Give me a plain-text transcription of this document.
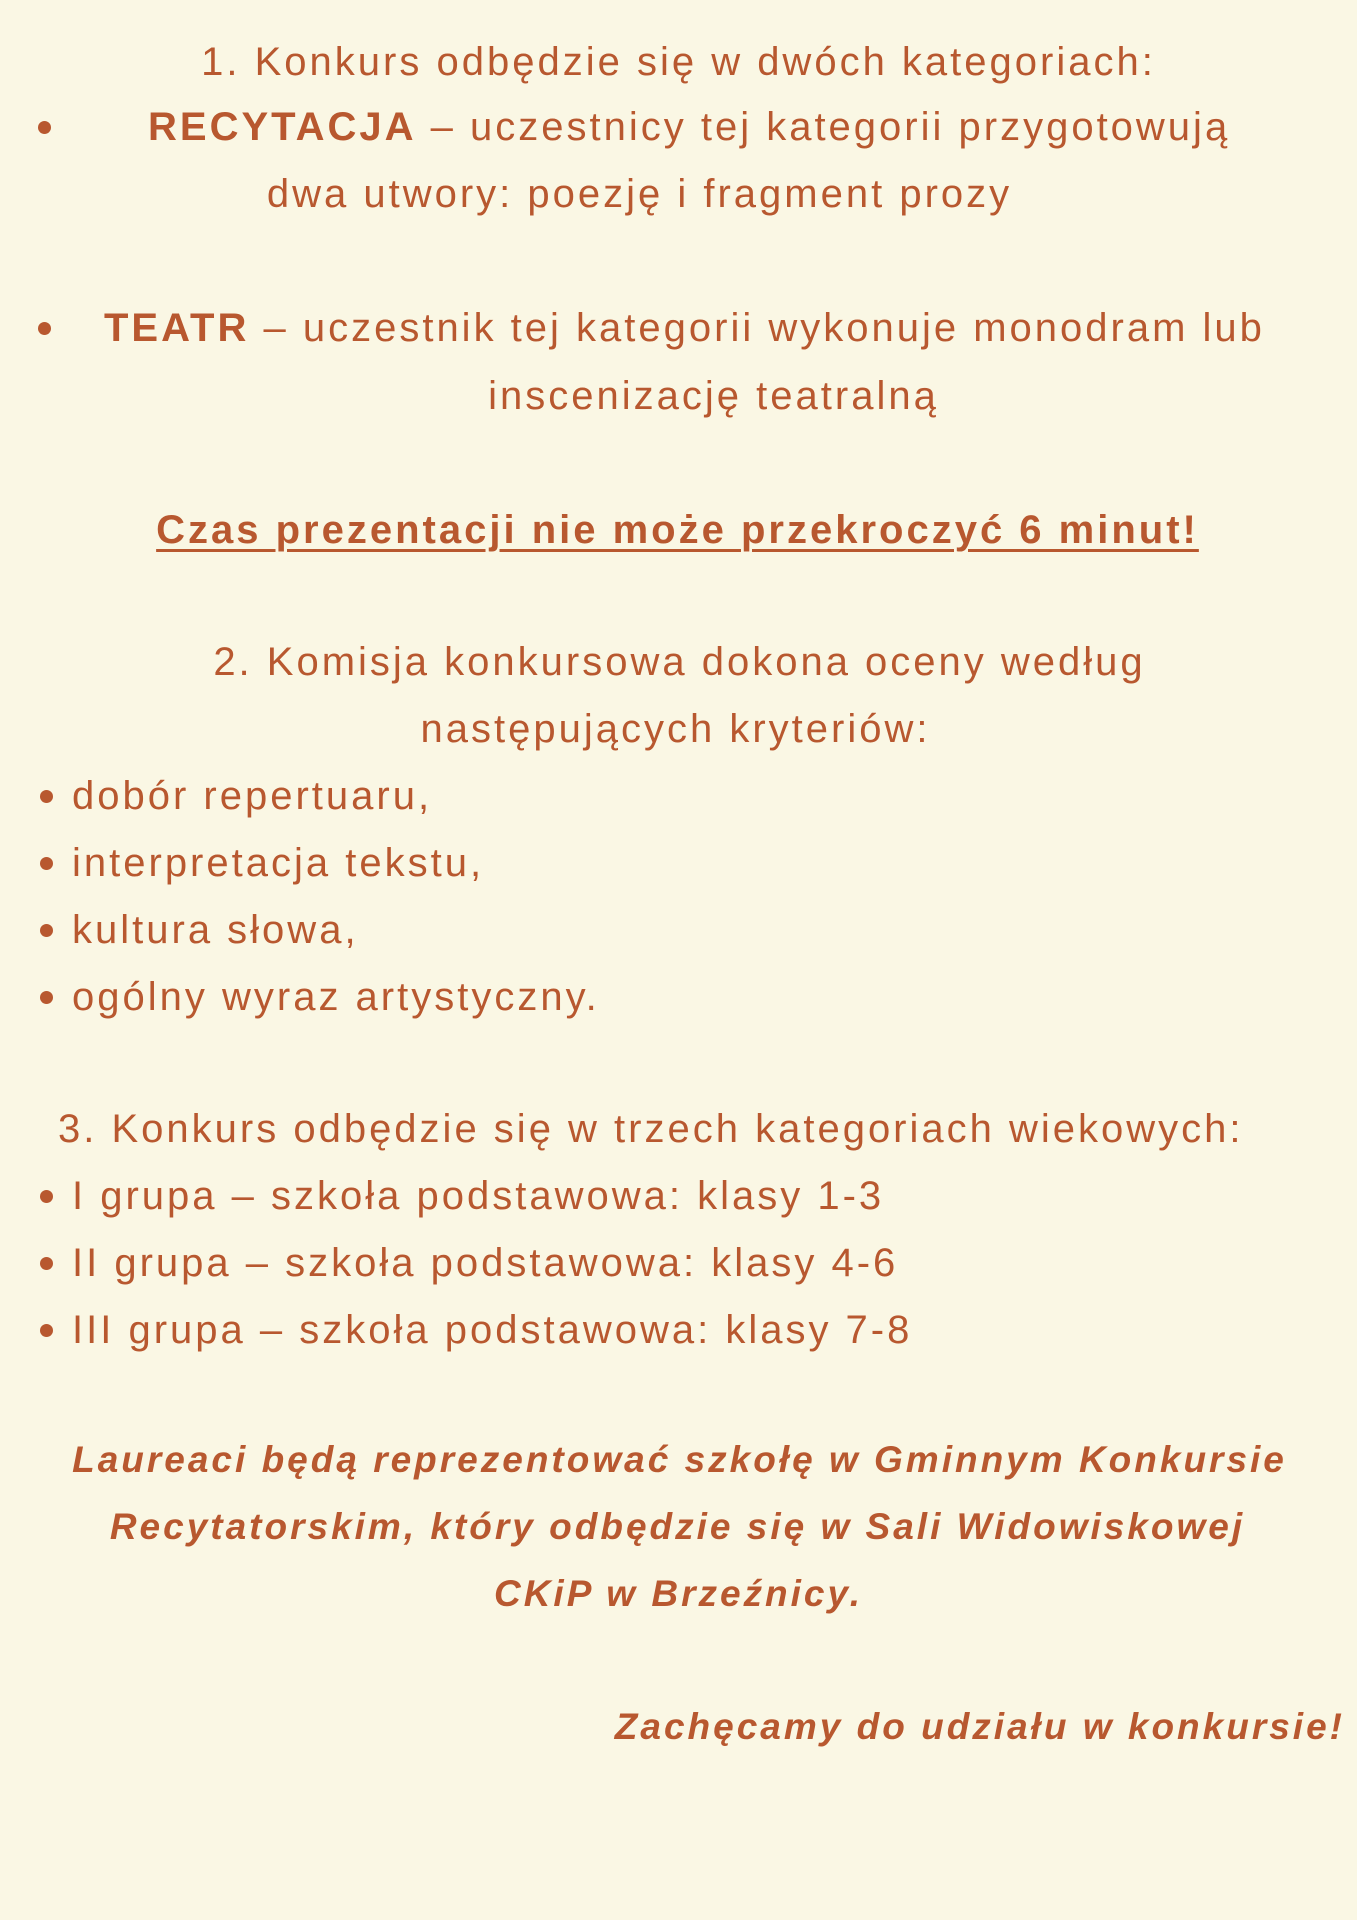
1. Konkurs odbędzie się w dwóch kategoriach:
RECYTACJA – uczestnicy tej kategorii przygotowują
dwa utwory: poezję i fragment prozy
TEATR – uczestnik tej kategorii wykonuje monodram lub
inscenizację teatralną
Czas prezentacji nie może przekroczyć 6 minut!
2. Komisja konkursowa dokona oceny według
następujących kryteriów:
dobór repertuaru,
interpretacja tekstu,
kultura słowa,
ogólny wyraz artystyczny.
3. Konkurs odbędzie się w trzech kategoriach wiekowych:
I grupa – szkoła podstawowa: klasy 1-3
II grupa – szkoła podstawowa: klasy 4-6
III grupa – szkoła podstawowa: klasy 7-8
Laureaci będą reprezentować szkołę w Gminnym Konkursie
Recytatorskim, który odbędzie się w Sali Widowiskowej
CKiP w Brzeźnicy.
Zachęcamy do udziału w konkursie!
